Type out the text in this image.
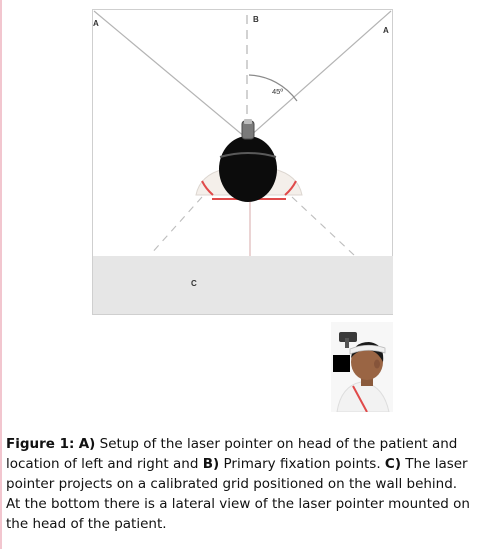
A
A
B
C
45º
Figure 1: A) Setup of the laser pointer on head of the patient and location of left and right and B) Primary fixation points. C) The laser pointer projects on a calibrated grid positioned on the wall behind. At the bottom there is a lateral view of the laser pointer mounted on the head of the patient.
